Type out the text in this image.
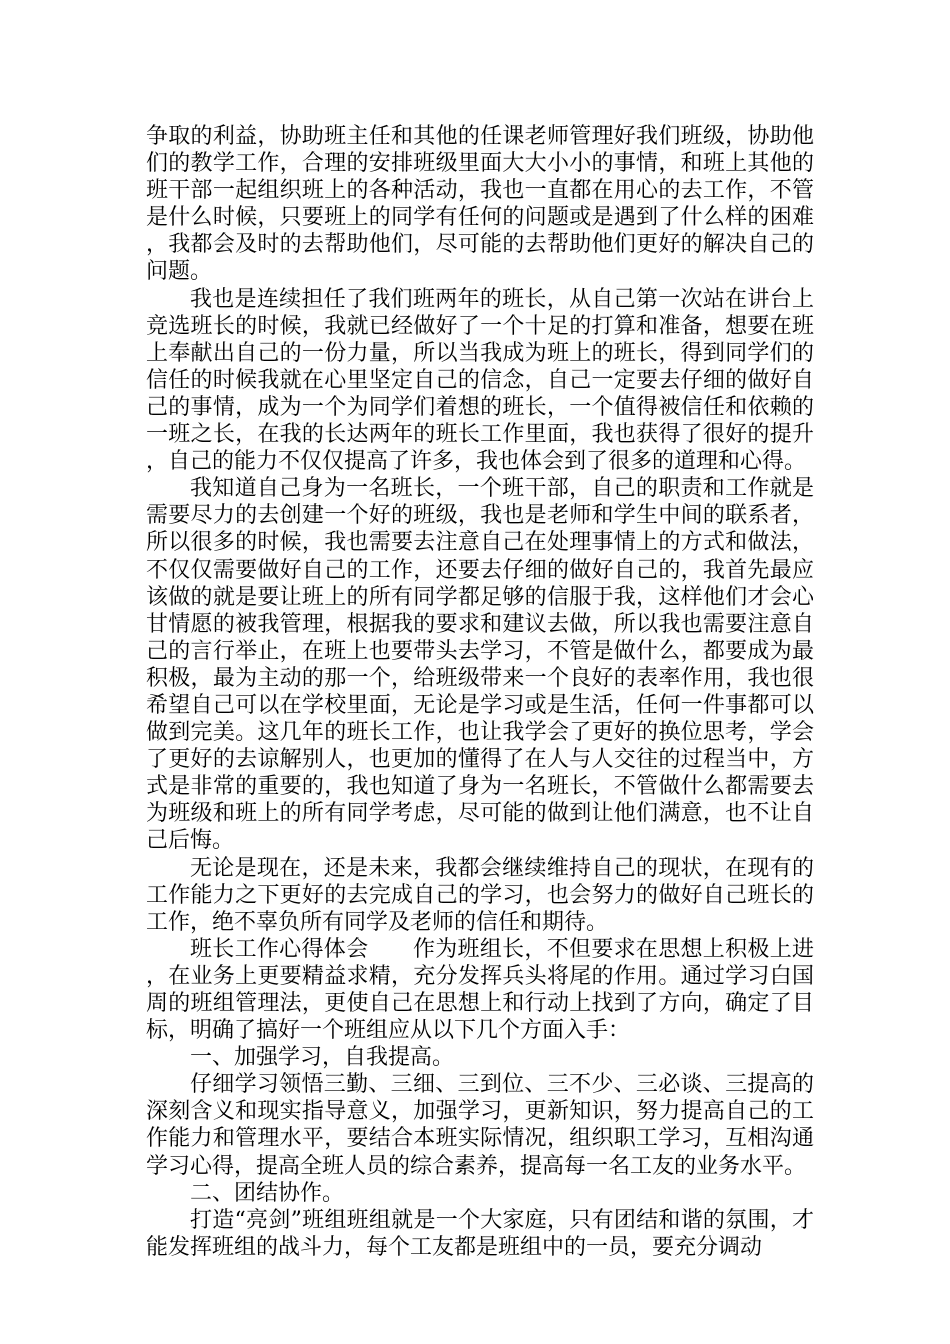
争取的利益，协助班主任和其他的任课老师管理好我们班级，协助他们的教学工作，合理的安排班级里面大大小小的事情，和班上其他的班干部一起组织班上的各种活动，我也一直都在用心的去工作，不管是什么时候，只要班上的同学有任何的问题或是遇到了什么样的困难，我都会及时的去帮助他们，尽可能的去帮助他们更好的解决自己的问题。

我也是连续担任了我们班两年的班长，从自己第一次站在讲台上竞选班长的时候，我就已经做好了一个十足的打算和准备，想要在班上奉献出自己的一份力量，所以当我成为班上的班长，得到同学们的信任的时候我就在心里坚定自己的信念，自己一定要去仔细的做好自己的事情，成为一个为同学们着想的班长，一个值得被信任和依赖的一班之长，在我的长达两年的班长工作里面，我也获得了很好的提升，自己的能力不仅仅提高了许多，我也体会到了很多的道理和心得。

我知道自己身为一名班长，一个班干部，自己的职责和工作就是需要尽力的去创建一个好的班级，我也是老师和学生中间的联系者，所以很多的时候，我也需要去注意自己在处理事情上的方式和做法，不仅仅需要做好自己的工作，还要去仔细的做好自己的，我首先最应该做的就是要让班上的所有同学都足够的信服于我，这样他们才会心甘情愿的被我管理，根据我的要求和建议去做，所以我也需要注意自己的言行举止，在班上也要带头去学习，不管是做什么，都要成为最积极，最为主动的那一个，给班级带来一个良好的表率作用，我也很希望自己可以在学校里面，无论是学习或是生活，任何一件事都可以做到完美。这几年的班长工作，也让我学会了更好的换位思考，学会了更好的去谅解别人，也更加的懂得了在人与人交往的过程当中，方式是非常的重要的，我也知道了身为一名班长，不管做什么都需要去为班级和班上的所有同学考虑，尽可能的做到让他们满意，也不让自己后悔。

无论是现在，还是未来，我都会继续维持自己的现状，在现有的工作能力之下更好的去完成自己的学习，也会努力的做好自己班长的工作，绝不辜负所有同学及老师的信任和期待。

班长工作心得体会　　作为班组长，不但要求在思想上积极上进，在业务上更要精益求精，充分发挥兵头将尾的作用。通过学习白国周的班组管理法，更使自己在思想上和行动上找到了方向，确定了目标，明确了搞好一个班组应从以下几个方面入手：

一、加强学习，自我提高。

仔细学习领悟三勤、三细、三到位、三不少、三必谈、三提高的深刻含义和现实指导意义，加强学习，更新知识，努力提高自己的工作能力和管理水平，要结合本班实际情况，组织职工学习，互相沟通学习心得，提高全班人员的综合素养，提高每一名工友的业务水平。

二、团结协作。

打造“亮剑”班组班组就是一个大家庭，只有团结和谐的氛围，才能发挥班组的战斗力，每个工友都是班组中的一员，要充分调动
